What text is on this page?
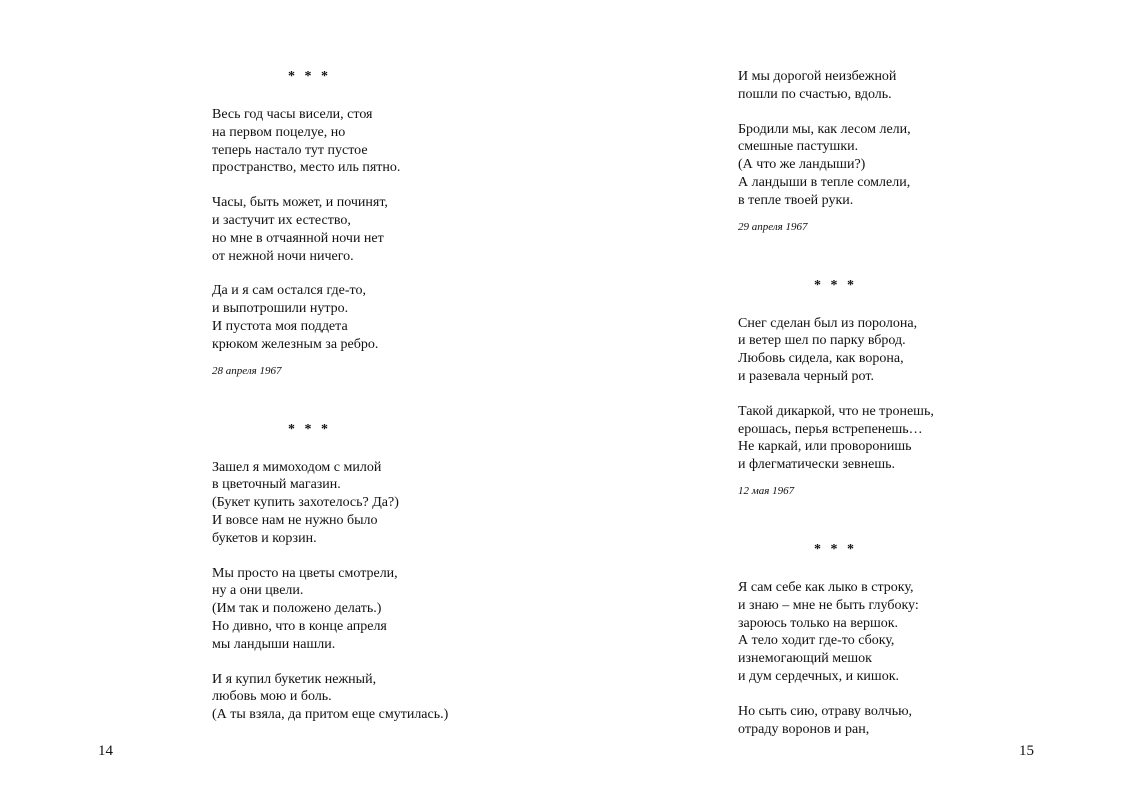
* * *
Весь год часы висели, стоя
на первом поцелуе, но
теперь настало тут пустое
пространство, место иль пятно.
Часы, быть может, и починят,
и застучит их естество,
но мне в отчаянной ночи нет
от нежной ночи ничего.
Да и я сам остался где-то,
и выпотрошили нутро.
И пустота моя поддета
крюком железным за ребро.
28 апреля 1967
* * *
Зашел я мимоходом с милой
в цветочный магазин.
(Букет купить захотелось? Да?)
И вовсе нам не нужно было
букетов и корзин.
Мы просто на цветы смотрели,
ну а они цвели.
(Им так и положено делать.)
Но дивно, что в конце апреля
мы ландыши нашли.
И я купил букетик нежный,
любовь мою и боль.
(А ты взяла, да притом еще смутилась.)
14
И мы дорогой неизбежной
пошли по счастью, вдоль.
Бродили мы, как лесом лели,
смешные пастушки.
(А что же ландыши?)
А ландыши в тепле сомлели,
в тепле твоей руки.
29 апреля 1967
* * *
Снег сделан был из поролона,
и ветер шел по парку вброд.
Любовь сидела, как ворона,
и разевала черный рот.
Такой дикаркой, что не тронешь,
ерошась, перья встрепенешь…
Не каркай, или проворонишь
и флегматически зевнешь.
12 мая 1967
* * *
Я сам себе как лыко в строку,
и знаю – мне не быть глубоку:
зароюсь только на вершок.
А тело ходит где-то сбоку,
изнемогающий мешок
и дум сердечных, и кишок.
Но сыть сию, отраву волчью,
отраду воронов и ран,
15
